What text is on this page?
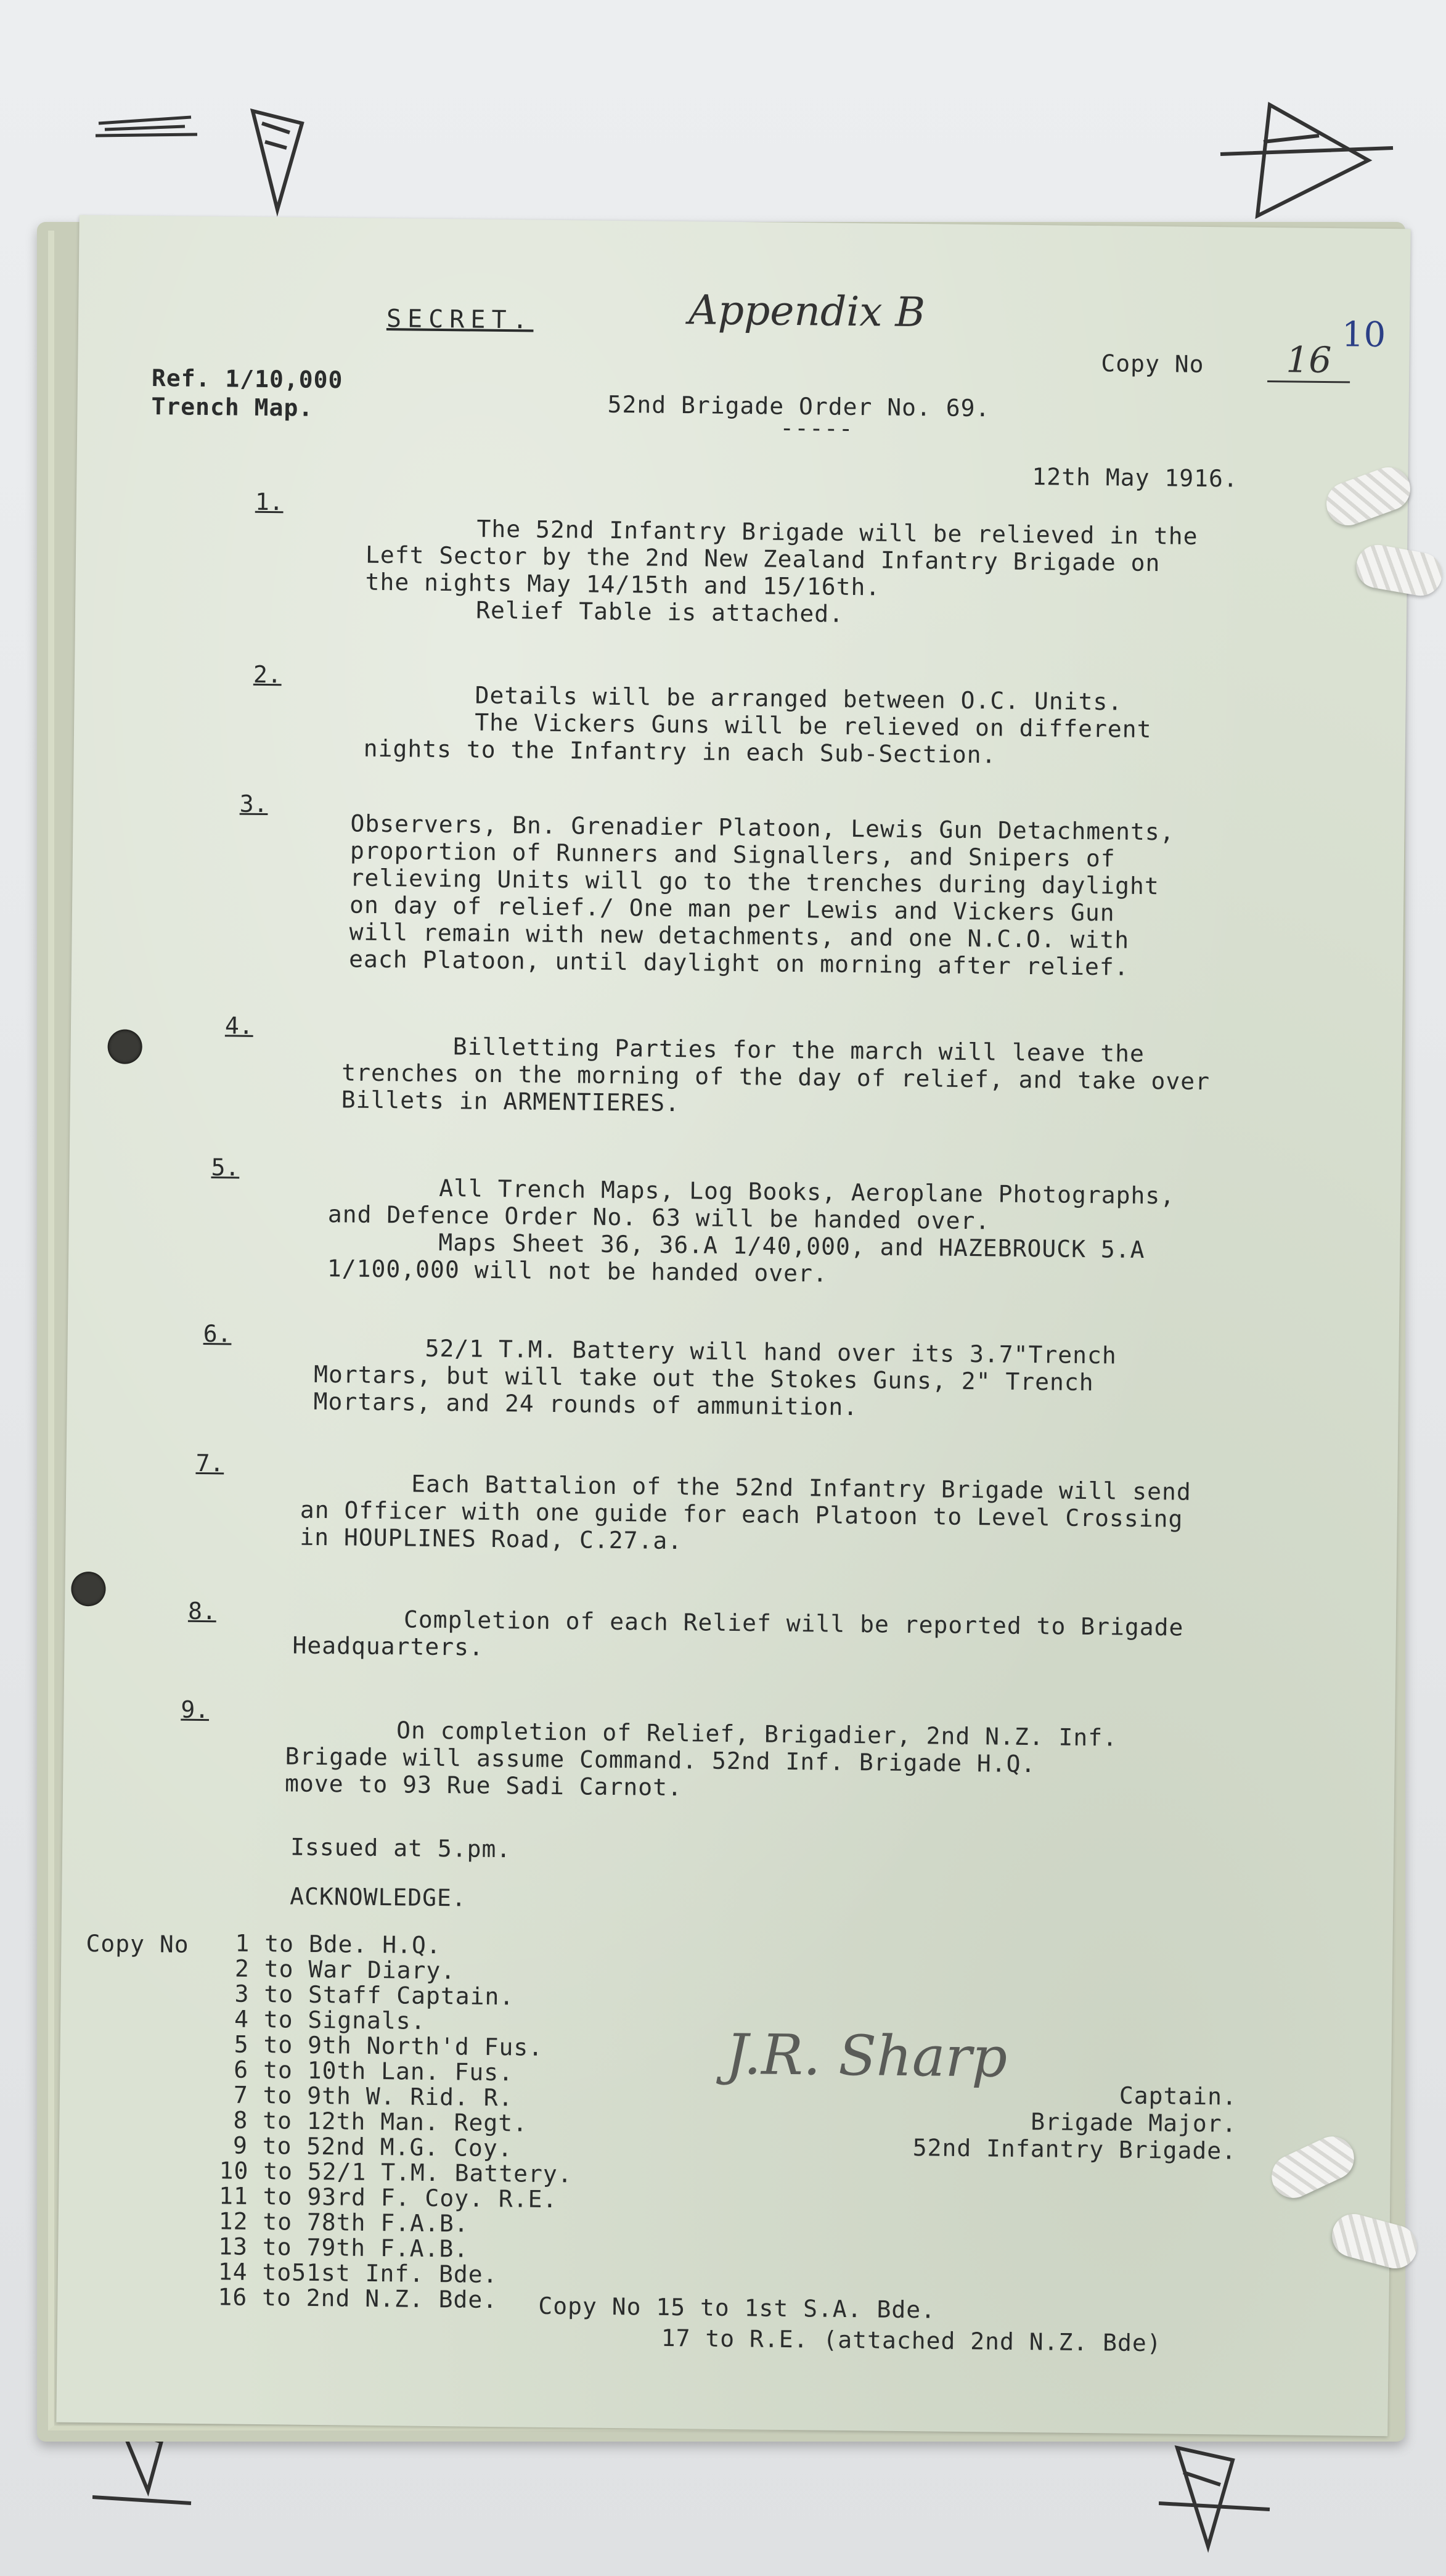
10
SECRET.	Appendix B
Copy No	16
Ref. 1/10,000
Trench Map.	52nd Brigade Order No. 69.
-----
12th May 1916.
1.
The 52nd Infantry Brigade will be relieved in the
Left Sector by the 2nd New Zealand Infantry Brigade on
the nights May 14/15th and 15/16th.
Relief Table is attached.
2.
Details will be arranged between O.C. Units.
The Vickers Guns will be relieved on different
nights to the Infantry in each Sub-Section.
3.
Observers, Bn. Grenadier Platoon, Lewis Gun Detachments,
proportion of Runners and Signallers, and Snipers of
relieving Units will go to the trenches during daylight
on day of relief./ One man per Lewis and Vickers Gun
will remain with new detachments, and one N.C.O. with
each Platoon, until daylight on morning after relief.
4.
Billetting Parties for the march will leave the
trenches on the morning of the day of relief, and take over
Billets in ARMENTIERES.
5.
All Trench Maps, Log Books, Aeroplane Photographs,
and Defence Order No. 63 will be handed over.
Maps Sheet 36, 36.A 1/40,000, and HAZEBROUCK 5.A
1/100,000 will not be handed over.
6.
52/1 T.M. Battery will hand over its 3.7"Trench
Mortars, but will take out the Stokes Guns, 2" Trench
Mortars, and 24 rounds of ammunition.
7.
Each Battalion of the 52nd Infantry Brigade will send
an Officer with one guide for each Platoon to Level Crossing
in HOUPLINES Road, C.27.a.
8.	Completion of each Relief will be reported to Brigade
Headquarters.
9.
On completion of Relief, Brigadier, 2nd N.Z. Inf.
Brigade will assume Command. 52nd Inf. Brigade H.Q.
move to 93 Rue Sadi Carnot.
Issued at 5.pm.
ACKNOWLEDGE.
Copy No	1 to Bde. H.Q.
2 to War Diary.
3 to Staff Captain.
4 to Signals.
5 to 9th North'd Fus.
6 to 10th Lan. Fus.
7 to 9th W. Rid. R.
8 to 12th Man. Regt.
9 to 52nd M.G. Coy.
10 to 52/1 T.M. Battery.
11 to 93rd F. Coy. R.E.
12 to 78th F.A.B.
13 to 79th F.A.B.
14 to51st Inf. Bde.
16 to 2nd N.Z. Bde.	Copy No 15 to 1st S.A. Bde.
17 to R.E. (attached 2nd N.Z. Bde)
J.R. Sharp
Captain.
Brigade Major.
52nd Infantry Brigade.
